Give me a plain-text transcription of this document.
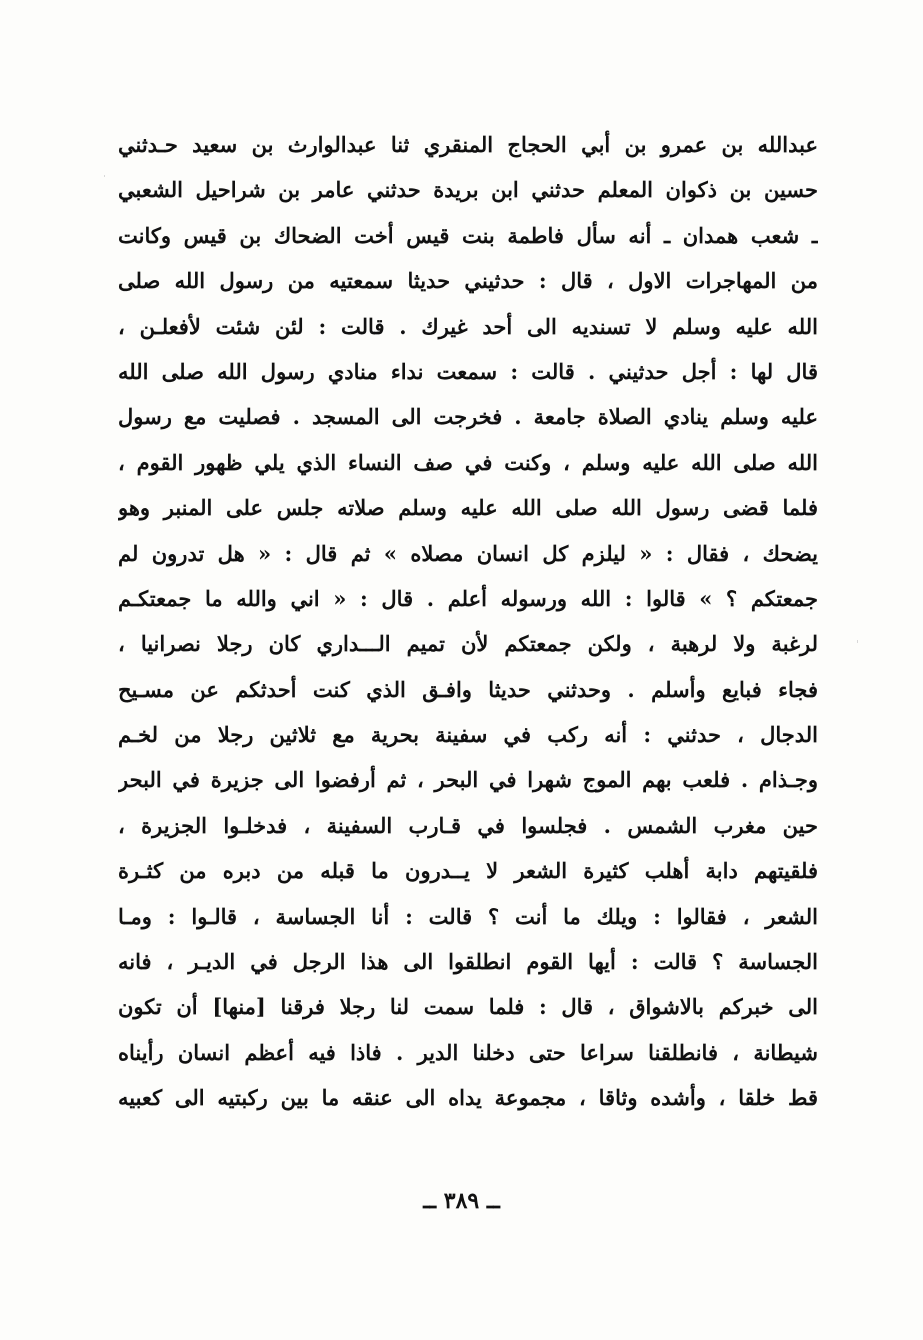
عبدالله بن عمرو بن أبي الحجاج المنقري ثنا عبدالوارث بن سعيد حـدثني
حسين بن ذكوان المعلم حدثني ابن بريدة حدثني عامر بن شراحيل الشعبي
ـ شعب همدان ـ أنه سأل فاطمة بنت قيس أخت الضحاك بن قيس وكانت
من المهاجرات الاول ، قال : حدثيني حديثا سمعتيه من رسول الله صلى
الله عليه وسلم لا تسنديه الى أحد غيرك . قالت : لئن شئت لأفعلـن ،
قال لها : أجل حدثيني . قالت : سمعت نداء منادي رسول الله صلى الله
عليه وسلم ينادي الصلاة جامعة . فخرجت الى المسجد . فصليت مع رسول
الله صلى الله عليه وسلم ، وكنت في صف النساء الذي يلي ظهور القوم ،
فلما قضى رسول الله صلى الله عليه وسلم صلاته جلس على المنبر وهو
يضحك ، فقال : « ليلزم كل انسان مصلاه » ثم قال : « هل تدرون لم
جمعتكم ؟ » قالوا : الله ورسوله أعلم . قال : « اني والله ما جمعتكـم
لرغبة ولا لرهبة ، ولكن جمعتكم لأن تميم الـــداري كان رجلا نصرانيا ،
فجاء فبايع وأسلم . وحدثني حديثا وافـق الذي كنت أحدثكم عن مسـيح
الدجال ، حدثني : أنه ركب في سفينة بحرية مع ثلاثين رجلا من لخـم
وجـذام . فلعب بهم الموج شهرا في البحر ، ثم أرفضوا الى جزيرة في البحر
حين مغرب الشمس . فجلسوا في قـارب السفينة ، فدخلـوا الجزيرة ،
فلقيتهم دابة أهلب كثيرة الشعر لا يــدرون ما قبله من دبره من كثـرة
الشعر ، فقالوا : ويلك ما أنت ؟ قالت : أنا الجساسة ، قالـوا : ومـا
الجساسة ؟ قالت : أيها القوم انطلقوا الى هذا الرجل في الديـر ، فانه
الى خبركم بالاشواق ، قال : فلما سمت لنا رجلا فرقنا [منها] أن تكون
شيطانة ، فانطلقنا سراعا حتى دخلنا الدير . فاذا فيه أعظم انسان رأيناه
قط خلقا ، وأشده وثاقا ، مجموعة يداه الى عنقه ما بين ركبتيه الى كعبيه
ــ ٣٨٩ ــ
